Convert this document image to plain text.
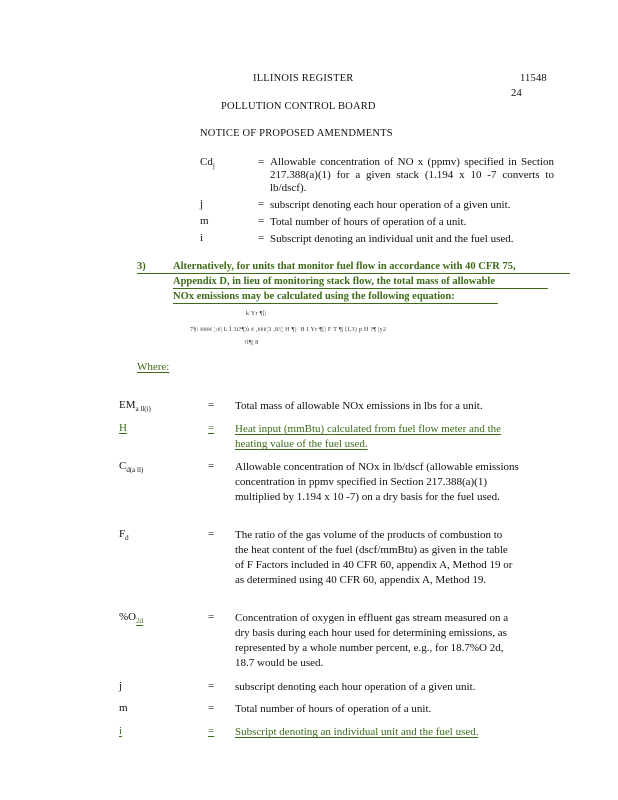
ILLINOIS REGISTER	11548
24
POLLUTION CONTROL BOARD
NOTICE OF PROPOSED AMENDMENTS
$Cd_j$	= Allowable concentration of NO x (ppmv) specified in Section 217.388(a)(1) for a given stack (1.194 x 10 -7 converts to lb/dscf).
j	= subscript denoting each hour operation of a given unit.
m	= Total number of hours of operation of a unit.
i	= Subscript denoting an individual unit and the fuel used.
3)	Alternatively, for units that monitor fuel flow in accordance with 40 CFR 75,
Appendix D, in lieu of monitoring stack flow, the total mass of allowable
NOx emissions may be calculated using the following equation:
k Yr ¶[|
7§\ ëëëë ¦:ë| L Î 3i?¶¦ù ë ,ëëë¦3 ,8/|¦ H ¶|· H I Yr ¶[| F T ¶| [L3) p H ?¶ |y2
?ì¶| 8
Where:
$EM_{a ll(i)}$	= Total mass of allowable NOx emissions in lbs for a unit.
H	= Heat input (mmBtu) calculated from fuel flow meter and the heating value of the fuel used.
$C_{d(a ll)}$	= Allowable concentration of NOx in lb/dscf (allowable emissions concentration in ppmv specified in Section 217.388(a)(1) multiplied by 1.194 x 10 -7) on a dry basis for the fuel used.
$F_d$	= The ratio of the gas volume of the products of combustion to the heat content of the fuel (dscf/mmBtu) as given in the table of F Factors included in 40 CFR 60, appendix A, Method 19 or as determined using 40 CFR 60, appendix A, Method 19.
$\%O_{2d}$	= Concentration of oxygen in effluent gas stream measured on a dry basis during each hour used for determining emissions, as represented by a whole number percent, e.g., for 18.7%O 2d, 18.7 would be used.
j	= subscript denoting each hour operation of a given unit.
m	= Total number of hours of operation of a unit.
i	= Subscript denoting an individual unit and the fuel used.
